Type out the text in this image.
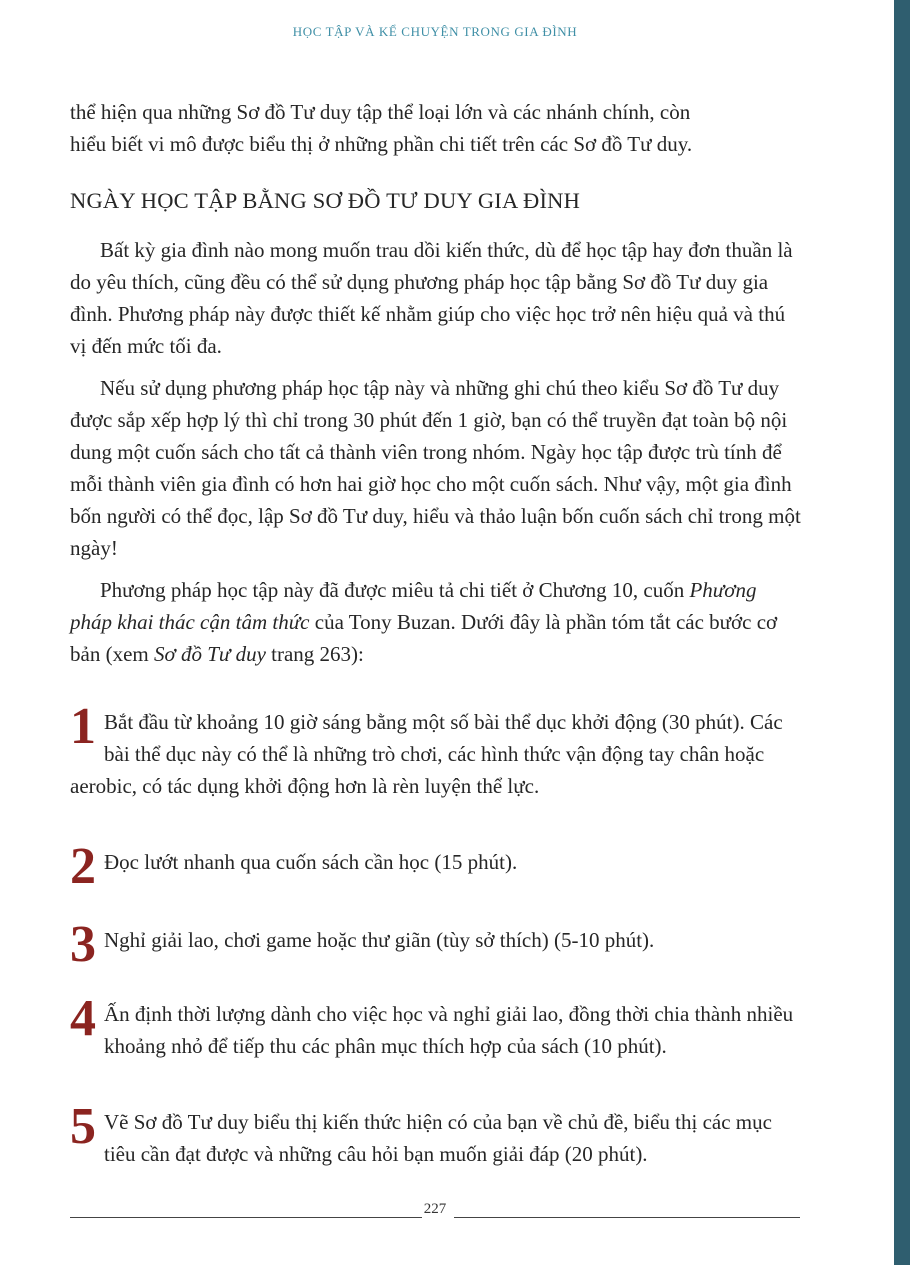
HỌC TẬP VÀ KỂ CHUYỆN TRONG GIA ĐÌNH
thể hiện qua những Sơ đồ Tư duy tập thể loại lớn và các nhánh chính, còn
hiểu biết vi mô được biểu thị ở những phần chi tiết trên các Sơ đồ Tư duy.
NGÀY HỌC TẬP BẰNG SƠ ĐỒ TƯ DUY GIA ĐÌNH

Bất kỳ gia đình nào mong muốn trau dồi kiến thức, dù để học tập hay đơn thuần là do yêu thích, cũng đều có thể sử dụng phương pháp học tập bằng Sơ đồ Tư duy gia đình. Phương pháp này được thiết kế nhằm giúp cho việc học trở nên hiệu quả và thú vị đến mức tối đa.

Nếu sử dụng phương pháp học tập này và những ghi chú theo kiểu Sơ đồ Tư duy được sắp xếp hợp lý thì chỉ trong 30 phút đến 1 giờ, bạn có thể truyền đạt toàn bộ nội dung một cuốn sách cho tất cả thành viên trong nhóm. Ngày học tập được trù tính để mỗi thành viên gia đình có hơn hai giờ học cho một cuốn sách. Như vậy, một gia đình bốn người có thể đọc, lập Sơ đồ Tư duy, hiểu và thảo luận bốn cuốn sách chỉ trong một ngày!

Phương pháp học tập này đã được miêu tả chi tiết ở Chương 10, cuốn Phương pháp khai thác cận tâm thức của Tony Buzan. Dưới đây là phần tóm tắt các bước cơ bản (xem Sơ đồ Tư duy trang 263):

1 Bắt đầu từ khoảng 10 giờ sáng bằng một số bài thể dục khởi động (30 phút). Các bài thể dục này có thể là những trò chơi, các hình thức vận động tay chân hoặc aerobic, có tác dụng khởi động hơn là rèn luyện thể lực.
2 Đọc lướt nhanh qua cuốn sách cần học (15 phút).
3 Nghỉ giải lao, chơi game hoặc thư giãn (tùy sở thích) (5-10 phút).
4 Ấn định thời lượng dành cho việc học và nghỉ giải lao, đồng thời chia thành nhiều khoảng nhỏ để tiếp thu các phân mục thích hợp của sách (10 phút).
5 Vẽ Sơ đồ Tư duy biểu thị kiến thức hiện có của bạn về chủ đề, biểu thị các mục tiêu cần đạt được và những câu hỏi bạn muốn giải đáp (20 phút).
227
